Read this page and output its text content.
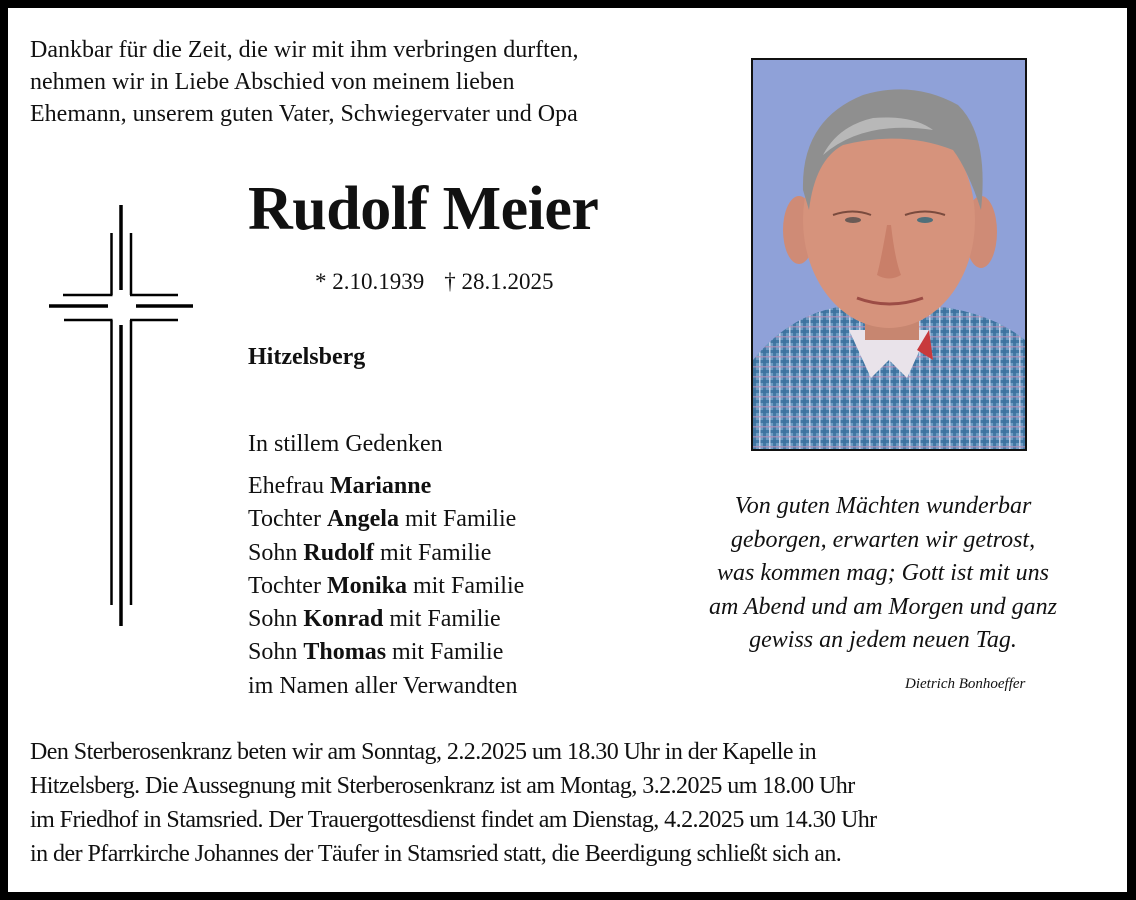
Dankbar für die Zeit, die wir mit ihm verbringen durften,
nehmen wir in Liebe Abschied von meinem lieben
Ehemann, unserem guten Vater, Schwiegervater und Opa
Rudolf Meier
* 2.10.1939 † 28.1.2025
Hitzelsberg
In stillem Gedenken
Ehefrau Marianne
Tochter Angela mit Familie
Sohn Rudolf mit Familie
Tochter Monika mit Familie
Sohn Konrad mit Familie
Sohn Thomas mit Familie
im Namen aller Verwandten
Von guten Mächten wunderbar
geborgen, erwarten wir getrost,
was kommen mag; Gott ist mit uns
am Abend und am Morgen und ganz
gewiss an jedem neuen Tag.
Dietrich Bonhoeffer
Den Sterberosenkranz beten wir am Sonntag, 2.2.2025 um 18.30 Uhr in der Kapelle in
Hitzelsberg. Die Aussegnung mit Sterberosenkranz ist am Montag, 3.2.2025 um 18.00 Uhr
im Friedhof in Stamsried. Der Trauergottesdienst findet am Dienstag, 4.2.2025 um 14.30 Uhr
in der Pfarrkirche Johannes der Täufer in Stamsried statt, die Beerdigung schließt sich an.
